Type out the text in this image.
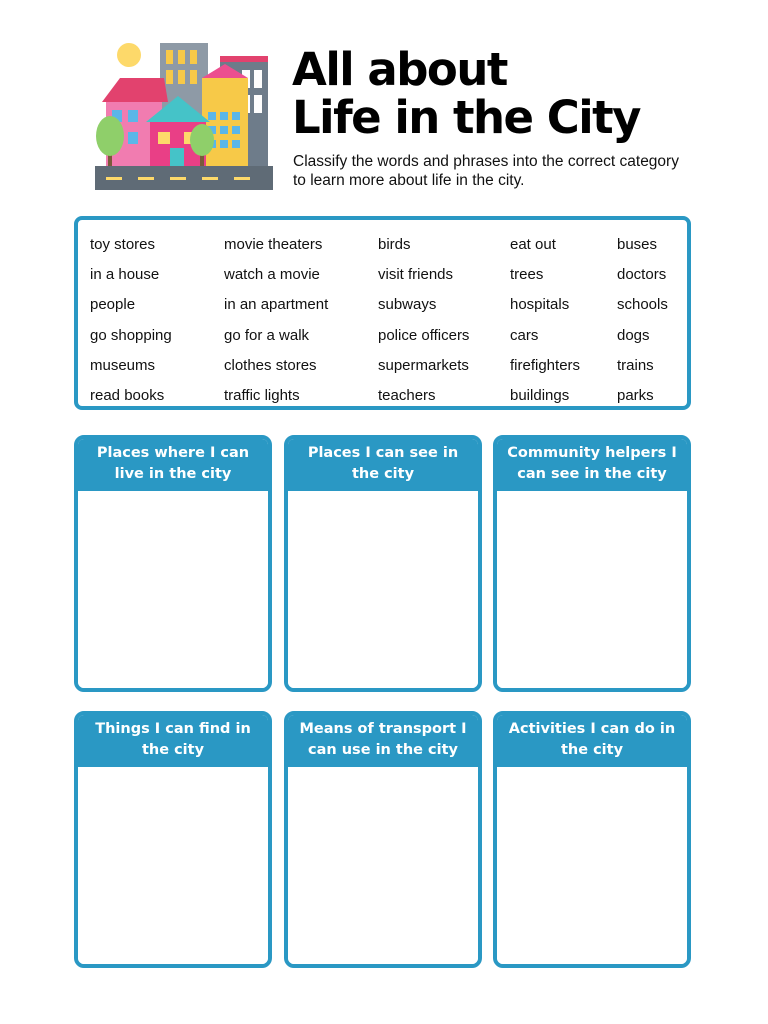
All about
Life in the City
Classify the words and phrases into the correct category to learn more about life in the city.
toy stores
in a house
people
go shopping
museums
read books
movie theaters
watch a movie
in an apartment
go for a walk
clothes stores
traffic lights
birds
visit friends
subways
police officers
supermarkets
teachers
eat out
trees
hospitals
cars
firefighters
buildings
buses
doctors
schools
dogs
trains
parks
Places where I can live in the city
Places I can see in the city
Community helpers I can see in the city
Things I can find in the city
Means of transport I can use in the city
Activities I can do in the city
